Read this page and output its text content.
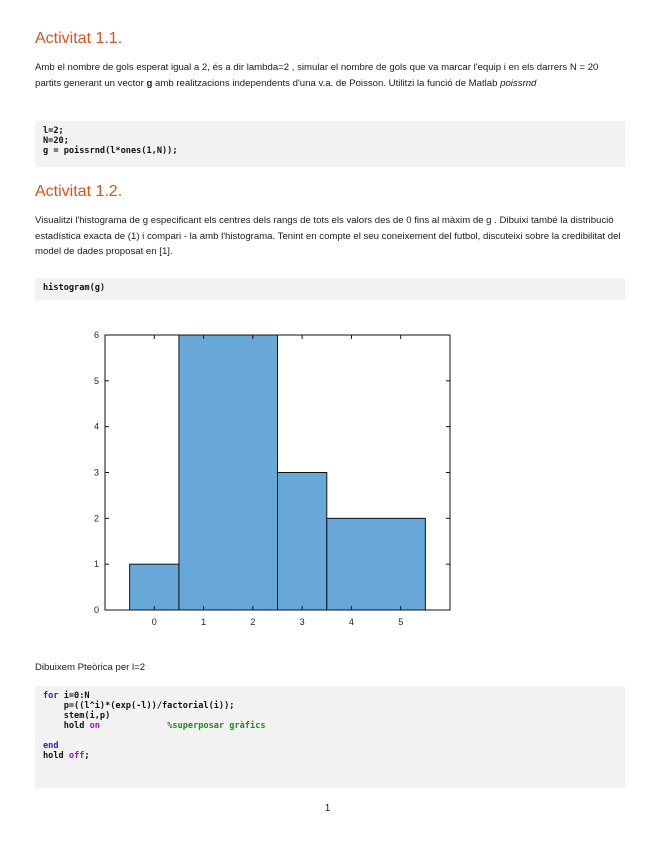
Activitat 1.1.

Amb el nombre de gols esperat igual a 2, és a dir lambda=2 , simular el nombre de gols que va marcar l'equip i en els darrers N = 20 partits generant un vector g amb realitzacions independents d'una v.a. de Poisson. Utilitzi la funció de Matlab poissrnd

l=2;
N=20;
g = poissrnd(l*ones(1,N));
Activitat 1.2.

Visualitzi l'histograma de g especificant els centres dels rangs de tots els valors des de 0 fins al màxim de g . Dibuixi també la distribució estadística exacta de (1) i compari - la amb l'histograma. Tenint en compte el seu coneixement del futbol, discuteixi sobre la credibilitat del model de dades proposat en [1].

histogram(g)
0
1
2
3
4
5
6
0	1	2	3	4	5

Dibuixem Pteòrica per l=2

for i=0:N
p=((l^i)*(exp(-l))/factorial(i));
stem(i,p)
hold on	%superposar gràfics
end
hold off;
1
